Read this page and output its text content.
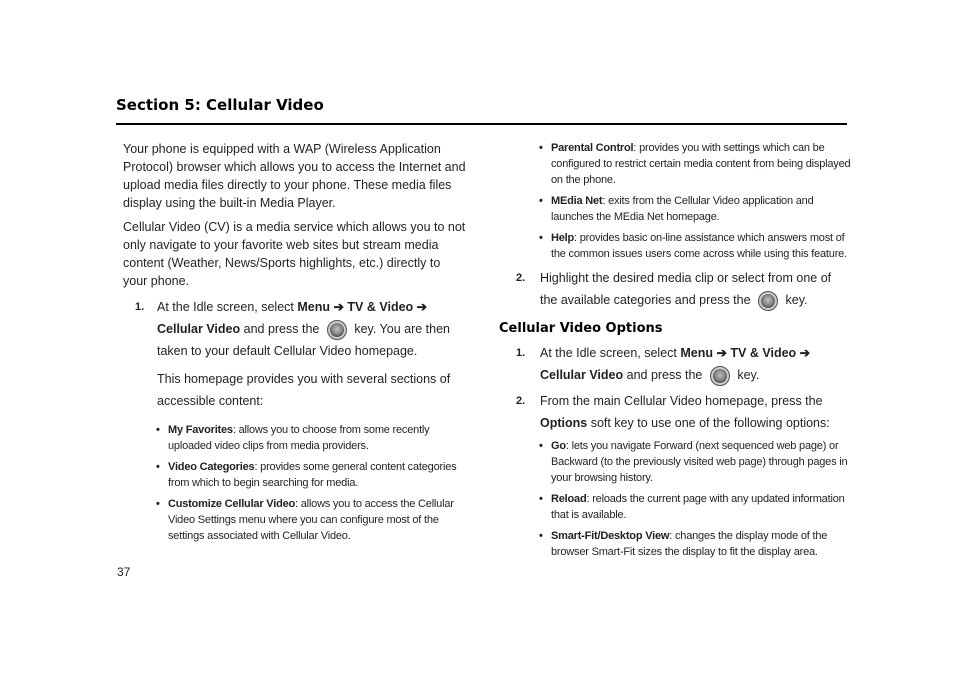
Section 5: Cellular Video

Your phone is equipped with a WAP (Wireless Application Protocol) browser which allows you to access the Internet and upload media files directly to your phone. These media files display using the built-in Media Player.

Cellular Video (CV) is a media service which allows you to not only navigate to your favorite web sites but stream media content (Weather, News/Sports highlights, etc.) directly to your phone.

1. At the Idle screen, select Menu ➔ TV & Video ➔ Cellular Video and press the  key. You are then taken to your default Cellular Video homepage.

This homepage provides you with several sections of accessible content:

• My Favorites: allows you to choose from some recently uploaded video clips from media providers.
• Video Categories: provides some general content categories from which to begin searching for media.
• Customize Cellular Video: allows you to access the Cellular Video Settings menu where you can configure most of the settings associated with Cellular Video.
• Parental Control: provides you with settings which can be configured to restrict certain media content from being displayed on the phone.
• MEdia Net: exits from the Cellular Video application and launches the MEdia Net homepage.
• Help: provides basic on-line assistance which answers most of the common issues users come across while using this feature.
2. Highlight the desired media clip or select from one of the available categories and press the  key.
Cellular Video Options
1. At the Idle screen, select Menu ➔ TV & Video ➔ Cellular Video and press the  key.
2. From the main Cellular Video homepage, press the Options soft key to use one of the following options:
• Go: lets you navigate Forward (next sequenced web page) or Backward (to the previously visited web page) through pages in your browsing history.
• Reload: reloads the current page with any updated information that is available.
• Smart-Fit/Desktop View: changes the display mode of the browser Smart-Fit sizes the display to fit the display area.
37
